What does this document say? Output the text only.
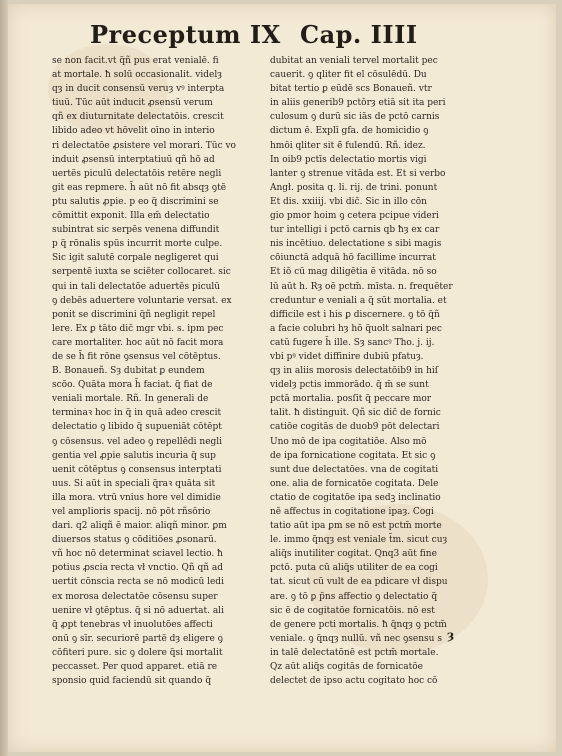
Preceptum IX Cap. IIII
se non facit.vt q̃ñ pus erat venialē. fi
at mortale. ħ solū occasionalit. videlȝ
qȝ in ducit consensū veruȝ vꝰ interpta
tiuū. Tūc aūt inducit ꝓsensū verum
qñ ex diuturnitate delectatōis. crescit
libido adeo vt hōvelit oīno in interio
ri delectatōe ꝓsistere vel morari. Tūc vo
induit ꝓsensū interptatiuū qñ hō ad
uertēs piculū delectatōis retēre negli
git eas repmere. h̄ aūt nō fit absqȝ ꝯtē
ptu salutis ꝓpie. p eo q̃ discrimini se
cōmittit exponit. Illa em̄ delectatio
subintrat sic serpēs venena diffundit
p q̃ rōnalis spūs incurrit morte culpe.
Sic igit salutē corpale negligeret qui
serpentē iuxta se sciēter collocaret. sic
qui in tali delectatōe aduertēs piculū
ꝯ debēs aduertere voluntarie versat. ex
ponit se discrimini q̃ñ negligit repel
lere. Ex ꝑ tāto dic̄ mgr vbi. s. ipm pec
care mortaliter. hoc aūt nō facit mora
de se h̄ fit rōne ꝯsensus vel cōtēptus.
B. Bonaueñ. Sȝ dubitat ꝑ eundem
scōo. Quāta mora h̄ faciat. q̃ fiat de
veniali mortale. Rñ. In generali de
terminaꝛ hoc in q̃ in quā adeo crescit
delectatio ꝯ libido q̃ supueniāt cōtēpt
ꝯ cōsensus. vel adeo ꝯ repellēdi negli
gentia vel ꝓpie salutis incuria q̃ sup
uenit cōtēptus ꝯ consensus interptati
uus. Si aūt in speciali q̃raꝛ quāta sit
illa mora. vtrū vnius hore vel dimidie
vel amplioris spacij. nō pōt rñsōrio
dari. q2 aliqñ ē maior. aliqñ minor. ꝑm
diuersos status ꝯ cōditiōes ꝓsonarū.
vñ hoc nō determinat sciavel lectio. ħ
potius ꝓscia recta vł vnctio. Qñ qñ ad
uertit cōnscia recta se nō modicū ledi
ex morosa delectatōe cōsensu super
uenire vł ꝯtēptus. q̃ si nō aduertat. ali
q̃ ꝓpt tenebras vł inuolutōes affecti
onū ꝯ sīr. securiorē partē dȝ eligere ꝯ
cōfiteri pure. sic ꝯ dolere q̃si mortalit
peccasset. Per quod apparet. etiā re
sponsio quid faciendū sit quando q̃
dubitat an veniali tervel mortalit pec
cauerit. ꝯ qliter fit el cōsulēdū. Du
bitat tertio ꝑ eūdē scs Bonaueñ. vtr
in aliis generib9 pctōrȝ etiā sit ita peri
culosum ꝯ durū sic iās de pctō carnis
dictum ē. Explī gfa. de homicidio ꝯ
hmōi qliter sit ē̄ fulendū. Rñ. idez.
In oib9 pctīs delectatio mortis vigi
lanter ꝯ strenue vitāda est. Et si verbo
Angł. posita q. li. rij. de trini. ponunt
Et dis. xxiiij. vbi dic̄. Sic in illo cōn
gio pmor hoim ꝯ cetera pcipue videri
tur intelligi i pctō carnis qb ħȝ ex car
nis incētiuo. delectatione s sibi magis
cōiunctā adquā hō facillime incurrat
Et iō cū mag diligētia ē vitāda. nō so
lū aūt h. Rȝ oē pctm̄. mīsta. n. frequēter
creduntur e veniali a q̃ sūt mortalia. et
difficile est i his ꝑ discernere. ꝯ tō q̃ñ
a facie colubri hȝ hō q̃uolt salnari pec
catū fugere h̄ ille. Sȝ sancꝰ Tho. j. ij.
vbi pꝰ videt diffinire dubiū pfatuȝ.
qȝ in aliis morosis delectatōib9 in hiſ
videlȝ pctis immorādo. q̃ m̄ se sunt
pctā mortalia. posſit q̃ peccare mor
talit. ħ distinguit. Qñ sic dic̄ de fornic
catiōe cogitās de duob9 pōt delectari
Uno mō de ipa cogitatiōe. Also mō
de ipa fornicatione cogitata. Et sic ꝯ
sunt due delectatōes. vna de cogitati
one. alia de fornicatōe cogitata. Dele
ctatio de cogitatōe ipa sedꝫ inclinatio
nē affectus in cogitatione ipaȝ. Cogi
tatio aūt ipa ꝑm se nō est pctm̄ morte
le. immo q̃nqȝ est veniale t̄m. sicut cuȝ
aliq̃s inutiliter cogitat. Qnq3 aūt fine
pctō. puta cū aliq̃s utiliter de ea cogi
tat. sicut cū vult de ea pdicare vł dispu
are. ꝯ tō ꝑ p̄ns affectio ꝯ delectatio q̃
sic ē de cogitatōe fornicatōis. nō est
de genere pcti mortalis. ħ q̃nqȝ ꝯ pctm̄
veniale. ꝯ q̃nqȝ nullū. vñ nec ꝯsensu s
in talē delectatōnē est pctm̄ mortale.
Qz aūt aliq̃s cogitās de fornicatōe
delectet de ipso actu cogitato hoc cō
ȝ
